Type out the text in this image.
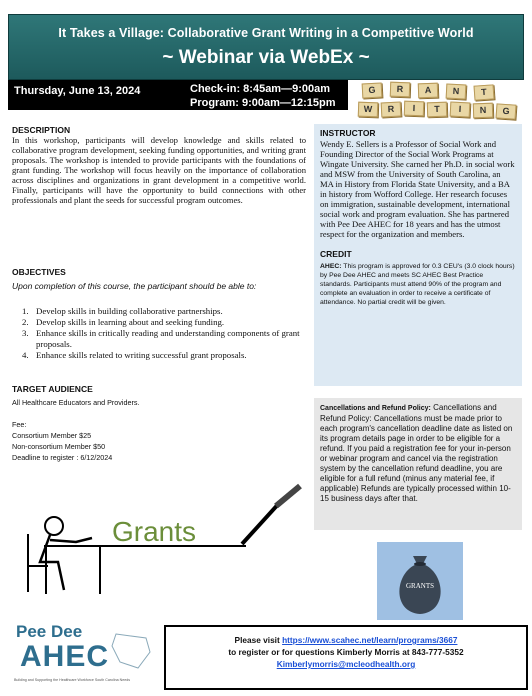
It Takes a Village: Collaborative Grant Writing in a Competitive World
~ Webinar via WebEx ~
Thursday, June 13, 2024	Check-in: 8:45am—9:00am
Program: 9:00am—12:15pm
G	R	A	N	T
W	R	I	T	I	N	G
DESCRIPTION
In this workshop, participants will develop knowledge and skills related to collaborative program development, seeking funding opportunities, and writing grant proposals. The workshop is intended to provide participants with the foundations of grant funding. The workshop will focus heavily on the importance of collaboration across disciplines and organizations in grant development in a competitive world. Finally, participants will have the opportunity to build connections with other professionals and plant the seeds for successful program outcomes.
OBJECTIVES
Upon completion of this course, the participant should be able to:
1. Develop skills in building collaborative partnerships.
2. Develop skills in learning about and seeking funding.
3. Enhance skills in critically reading and understanding components of grant proposals.
4. Enhance skills related to writing successful grant proposals.
TARGET AUDIENCE
All Healthcare Educators and Providers.
Fee:
Consortium Member $25
Non-consortium Member $50
Deadline to register : 6/12/2024
Grants
INSTRUCTOR
Wendy E. Sellers is a Professor of Social Work and Founding Director of the Social Work Programs at Wingate University. She carned her Ph.D. in social work and MSW from the University of South Carolina, an MA in History from Florida State University, and a BA in history from Wofford College. Her research focuses on immigration, sustainable development, international social work and program evaluation. She has partnered with Pee Dee AHEC for 18 years and has the utmost respect for the organization and members.
CREDIT
AHEC: This program is approved for 0.3 CEU's (3.0 clock hours) by Pee Dee AHEC and meets SC AHEC Best Practice standards. Participants must attend 90% of the program and complete an evaluation in order to receive a certificate of attendance. No partial credit will be given.
Cancellations and Refund Policy: Cancellations and Refund Policy: Cancellations must be made prior to each program's cancellation deadline date as listed on its program details page in order to be eligible for a refund. If you paid a registration fee for your in-person or webinar program and cancel via the registration system by the cancellation refund deadline, you are eligible for a full refund (minus any material fee, if applicable) Refunds are typically processed within 10-15 business days after that.
GRANTS
Pee Dee
AHEC
Building and Supporting the Healthcare Workforce South Carolina Needs
Please visit https://www.scahec.net/learn/programs/3667
to register or for questions Kimberly Morris at 843-777-5352
Kimberlymorris@mcleodhealth.org
